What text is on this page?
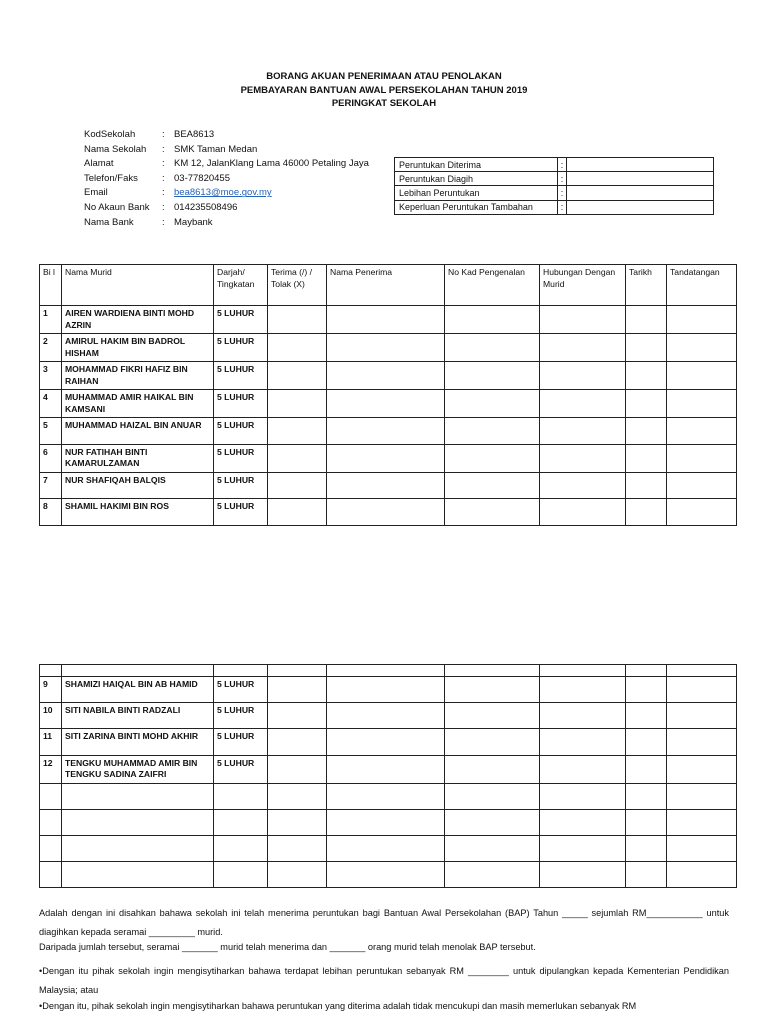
BORANG AKUAN PENERIMAAN ATAU PENOLAKAN
PEMBAYARAN BANTUAN AWAL PERSEKOLAHAN TAHUN 2019
PERINGKAT SEKOLAH
KodSekolah	: BEA8613
Nama Sekolah	: SMK Taman Medan
Alamat	: KM 12, JalanKlang Lama 46000 Petaling Jaya
Telefon/Faks	: 03-77820455
Email	: bea8613@moe.gov.my
No Akaun Bank	: 014235508496
Nama Bank	: Maybank
Peruntukan Diterima	:	
Peruntukan Diagih	:	
Lebihan Peruntukan	:	
Keperluan Peruntukan Tambahan	:	
Bi l	Nama Murid	Darjah/ Tingkatan	Terima (/) / Tolak (X)	Nama Penerima	No Kad Pengenalan	Hubungan Dengan Murid	Tarikh	Tandatangan
1	AIREN WARDIENA BINTI MOHD AZRIN	5 LUHUR						
2	AMIRUL HAKIM BIN BADROL HISHAM	5 LUHUR						
3	MOHAMMAD FIKRI HAFIZ BIN RAIHAN	5 LUHUR						
4	MUHAMMAD AMIR HAIKAL BIN KAMSANI	5 LUHUR						
5	MUHAMMAD HAIZAL BIN ANUAR	5 LUHUR						
6	NUR FATIHAH BINTI KAMARULZAMAN	5 LUHUR						
7	NUR SHAFIQAH BALQIS	5 LUHUR						
8	SHAMIL HAKIMI BIN ROS	5 LUHUR						

9	SHAMIZI HAIQAL BIN AB HAMID	5 LUHUR						
10	SITI NABILA BINTI RADZALI	5 LUHUR						
11	SITI ZARINA BINTI MOHD AKHIR	5 LUHUR						
12	TENGKU MUHAMMAD AMIR BIN TENGKU SADINA ZAIFRI	5 LUHUR						

Adalah dengan ini disahkan bahawa sekolah ini telah menerima peruntukan bagi Bantuan Awal Persekolahan (BAP) Tahun _____ sejumlah RM___________ untuk diagihkan kepada seramai _________ murid.
Daripada jumlah tersebut, seramai _______ murid telah menerima dan _______ orang murid telah menolak BAP tersebut.
•Dengan itu pihak sekolah ingin mengisytiharkan bahawa terdapat lebihan peruntukan sebanyak RM ________ untuk dipulangkan kepada Kementerian Pendidikan Malaysia; atau
•Dengan itu, pihak sekolah ingin mengisytiharkan bahawa peruntukan yang diterima adalah tidak mencukupi dan masih memerlukan sebanyak RM
